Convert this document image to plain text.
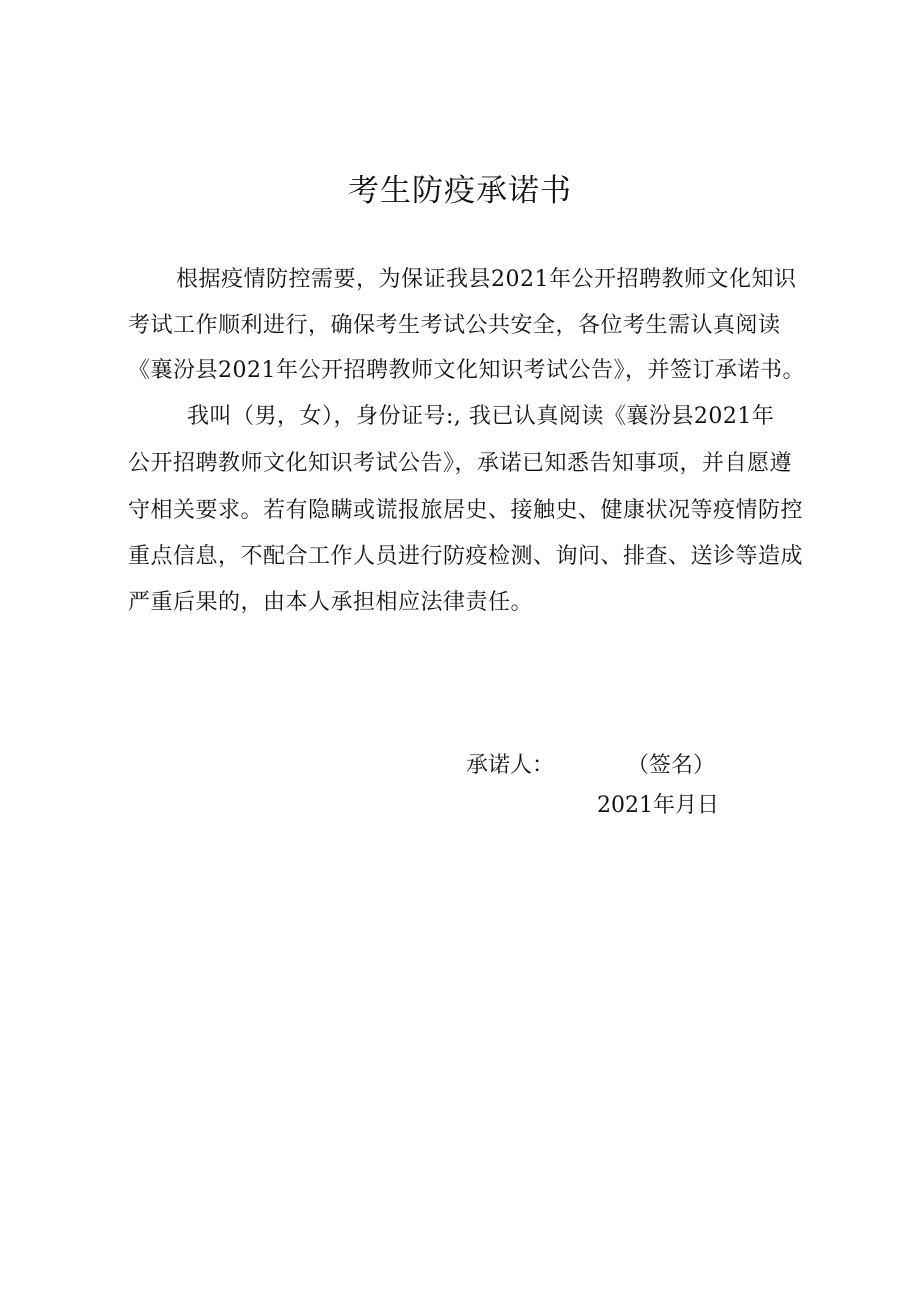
考生防疫承诺书
根据疫情防控需要，为保证我县2021年公开招聘教师文化知识
考试工作顺利进行，确保考生考试公共安全，各位考生需认真阅读
《襄汾县2021年公开招聘教师文化知识考试公告》，并签订承诺书。
我叫（男，女），身份证号:, 我已认真阅读《襄汾县2021年
公开招聘教师文化知识考试公告》，承诺已知悉告知事项，并自愿遵
守相关要求。若有隐瞒或谎报旅居史、接触史、健康状况等疫情防控
重点信息，不配合工作人员进行防疫检测、询问、排查、送诊等造成
严重后果的，由本人承担相应法律责任。
承诺人：	（签名）
2021年月日
